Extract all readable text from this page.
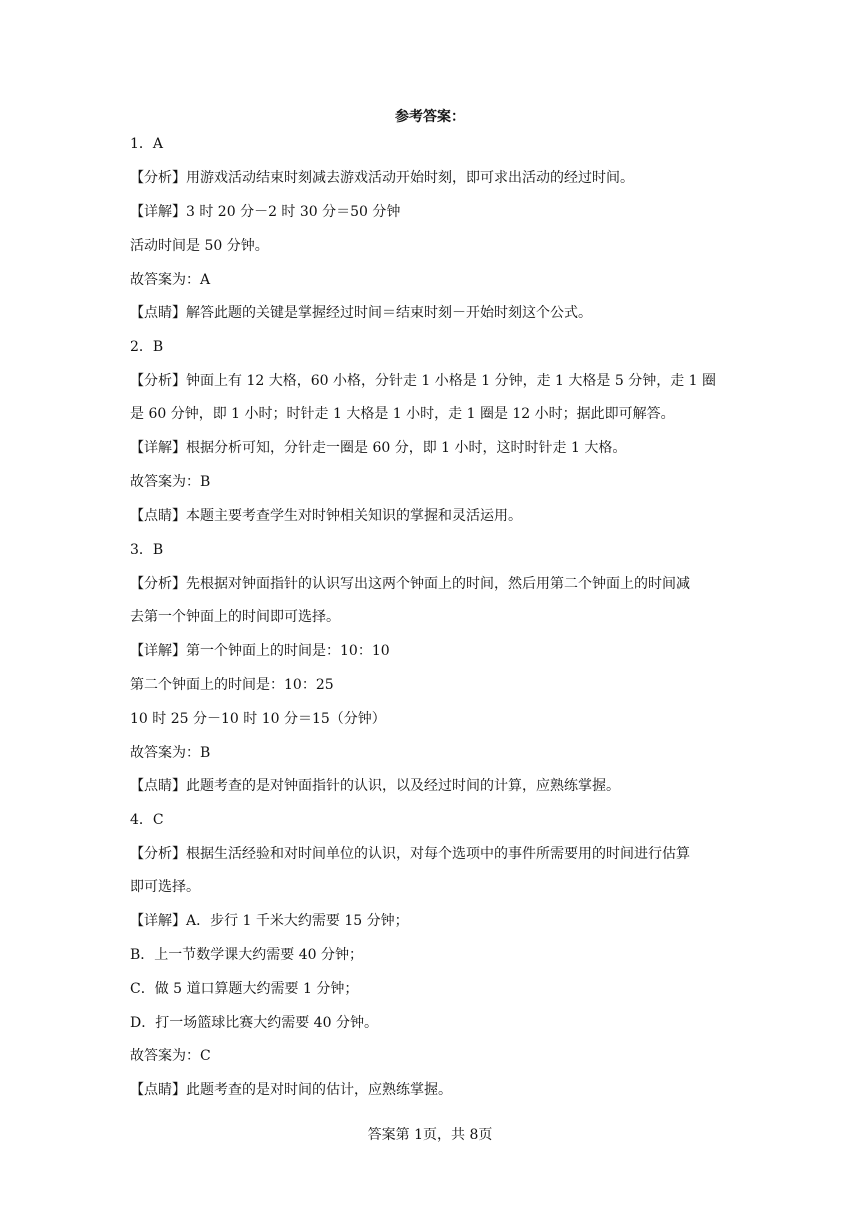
参考答案：
1．A
【分析】用游戏活动结束时刻减去游戏活动开始时刻，即可求出活动的经过时间。
【详解】3 时 20 分－2 时 30 分＝50 分钟
活动时间是 50 分钟。
故答案为：A
【点睛】解答此题的关键是掌握经过时间＝结束时刻－开始时刻这个公式。
2．B
【分析】钟面上有 12 大格，60 小格，分针走 1 小格是 1 分钟，走 1 大格是 5 分钟，走 1 圈
是 60 分钟，即 1 小时；时针走 1 大格是 1 小时，走 1 圈是 12 小时；据此即可解答。
【详解】根据分析可知，分针走一圈是 60 分，即 1 小时，这时时针走 1 大格。
故答案为：B
【点睛】本题主要考查学生对时钟相关知识的掌握和灵活运用。
3．B
【分析】先根据对钟面指针的认识写出这两个钟面上的时间，然后用第二个钟面上的时间减
去第一个钟面上的时间即可选择。
【详解】第一个钟面上的时间是：10：10
第二个钟面上的时间是：10：25
10 时 25 分－10 时 10 分＝15（分钟）
故答案为：B
【点睛】此题考查的是对钟面指针的认识，以及经过时间的计算，应熟练掌握。
4．C
【分析】根据生活经验和对时间单位的认识，对每个选项中的事件所需要用的时间进行估算
即可选择。
【详解】A．步行 1 千米大约需要 15 分钟；
B．上一节数学课大约需要 40 分钟；
C．做 5 道口算题大约需要 1 分钟；
D．打一场篮球比赛大约需要 40 分钟。
故答案为：C
【点睛】此题考查的是对时间的估计，应熟练掌握。
答案第 1页，共 8页
